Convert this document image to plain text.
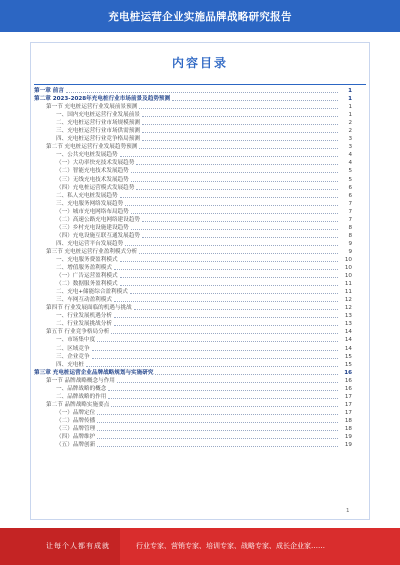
充电桩运营企业实施品牌战略研究报告
内容目录
第一章 前言	1
第二章 2023-2028年充电桩行业市场前景及趋势预测	1
第一节 充电桩运营行业发展前景预测	1
一、国内充电桩运营行业发展前景	1
二、充电桩运营行业市场规模预测	2
三、充电桩运营行业市场供需预测	2
四、充电桩运营行业竞争格局预测	3
第二节 充电桩运营行业发展趋势预测	3
一、公共充电桩发展趋势	4
（一）大功率快充技术发展趋势	4
（二）智能充电技术发展趋势	5
（三）无线充电技术发展趋势	5
（四）充电桩运营模式发展趋势	6
二、私人充电桩发展趋势	6
三、充电服务网络发展趋势	7
（一）城市充电网络布局趋势	7
（二）高速公路充电网络建设趋势	7
（三）乡村充电设施建设趋势	8
（四）充电设施互联互通发展趋势	8
四、充电运营平台发展趋势	9
第三节 充电桩运营行业盈利模式分析	9
一、充电服务费盈利模式	10
二、增值服务盈利模式	10
（一）广告运营盈利模式	10
（二）数据服务盈利模式	11
二、充电+储能综合盈利模式	11
三、车网互动盈利模式	12
第四节 行业发展面临的机遇与挑战	12
一、行业发展机遇分析	13
二、行业发展挑战分析	13
第五节 行业竞争格局分析	14
一、市场集中度	14
二、区域竞争	14
三、企业竞争	15
四、充电桩	15
第三章 充电桩运营企业品牌战略规划与实施研究	16
第一节 品牌战略概念与作用	16
一、品牌战略的概念	16
二、品牌战略的作用	17
第二节 品牌战略实施要点	17
（一）品牌定位	17
（二）品牌传播	18
（三）品牌管理	18
（四）品牌维护	19
（五）品牌创新	19
1
让每个人都有成就	行业专家、营销专家、培训专家、战略专家、成长企业家……
